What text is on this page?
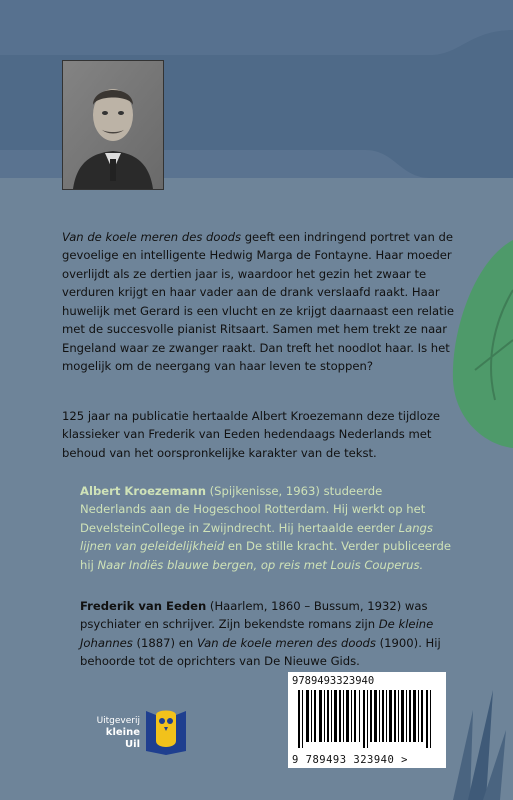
Van de koele meren des doods geeft een indringend portret van de gevoelige en intelligente Hedwig Marga de Fontayne. Haar moeder overlijdt als ze dertien jaar is, waardoor het gezin het zwaar te verduren krijgt en haar vader aan de drank verslaafd raakt. Haar huwelijk met Gerard is een vlucht en ze krijgt daarnaast een relatie met de succesvolle pianist Ritsaart. Samen met hem trekt ze naar Engeland waar ze zwanger raakt. Dan treft het noodlot haar. Is het mogelijk om de neergang van haar leven te stoppen?

125 jaar na publicatie hertaalde Albert Kroezemann deze tijdloze klassieker van Frederik van Eeden hedendaags Nederlands met behoud van het oorspronkelijke karakter van de tekst.

Albert Kroezemann (Spijkenisse, 1963) studeerde Nederlands aan de Hogeschool Rotterdam. Hij werkt op het DevelsteinCollege in Zwijndrecht. Hij hertaalde eerder Langs lijnen van geleidelijkheid en De stille kracht. Verder publiceerde hij Naar Indiës blauwe bergen, op reis met Louis Couperus.

Frederik van Eeden (Haarlem, 1860 – Bussum, 1932) was psychiater en schrijver. Zijn bekendste romans zijn De kleine Johannes (1887) en Van de koele meren des doods (1900). Hij behoorde tot de oprichters van De Nieuwe Gids.

Uitgeverij
kleine
Uil
9789493323940
9 789493 323940 >
